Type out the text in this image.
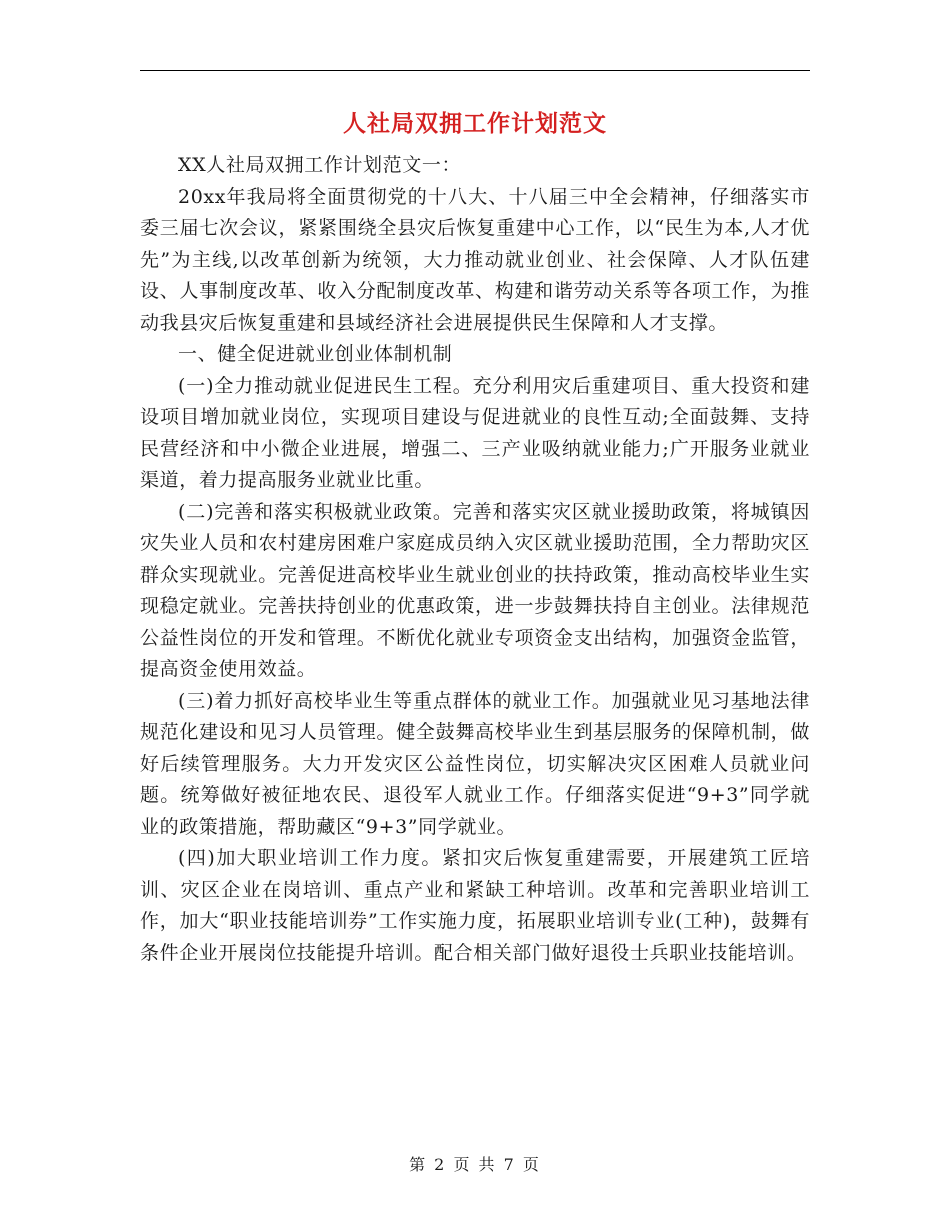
人社局双拥工作计划范文

XX人社局双拥工作计划范文一：

20xx年我局将全面贯彻党的十八大、十八届三中全会精神，仔细落实市委三届七次会议，紧紧围绕全县灾后恢复重建中心工作，以“民生为本,人才优先”为主线,以改革创新为统领，大力推动就业创业、社会保障、人才队伍建设、人事制度改革、收入分配制度改革、构建和谐劳动关系等各项工作，为推动我县灾后恢复重建和县域经济社会进展提供民生保障和人才支撑。

一、健全促进就业创业体制机制

(一)全力推动就业促进民生工程。充分利用灾后重建项目、重大投资和建设项目增加就业岗位，实现项目建设与促进就业的良性互动;全面鼓舞、支持民营经济和中小微企业进展，增强二、三产业吸纳就业能力;广开服务业就业渠道，着力提高服务业就业比重。

(二)完善和落实积极就业政策。完善和落实灾区就业援助政策，将城镇因灾失业人员和农村建房困难户家庭成员纳入灾区就业援助范围，全力帮助灾区群众实现就业。完善促进高校毕业生就业创业的扶持政策，推动高校毕业生实现稳定就业。完善扶持创业的优惠政策，进一步鼓舞扶持自主创业。法律规范公益性岗位的开发和管理。不断优化就业专项资金支出结构，加强资金监管，提高资金使用效益。

(三)着力抓好高校毕业生等重点群体的就业工作。加强就业见习基地法律规范化建设和见习人员管理。健全鼓舞高校毕业生到基层服务的保障机制，做好后续管理服务。大力开发灾区公益性岗位，切实解决灾区困难人员就业问题。统筹做好被征地农民、退役军人就业工作。仔细落实促进“9+3”同学就业的政策措施，帮助藏区“9+3”同学就业。

(四)加大职业培训工作力度。紧扣灾后恢复重建需要，开展建筑工匠培训、灾区企业在岗培训、重点产业和紧缺工种培训。改革和完善职业培训工作，加大“职业技能培训券”工作实施力度，拓展职业培训专业(工种)，鼓舞有条件企业开展岗位技能提升培训。配合相关部门做好退役士兵职业技能培训。

第 2 页 共 7 页
